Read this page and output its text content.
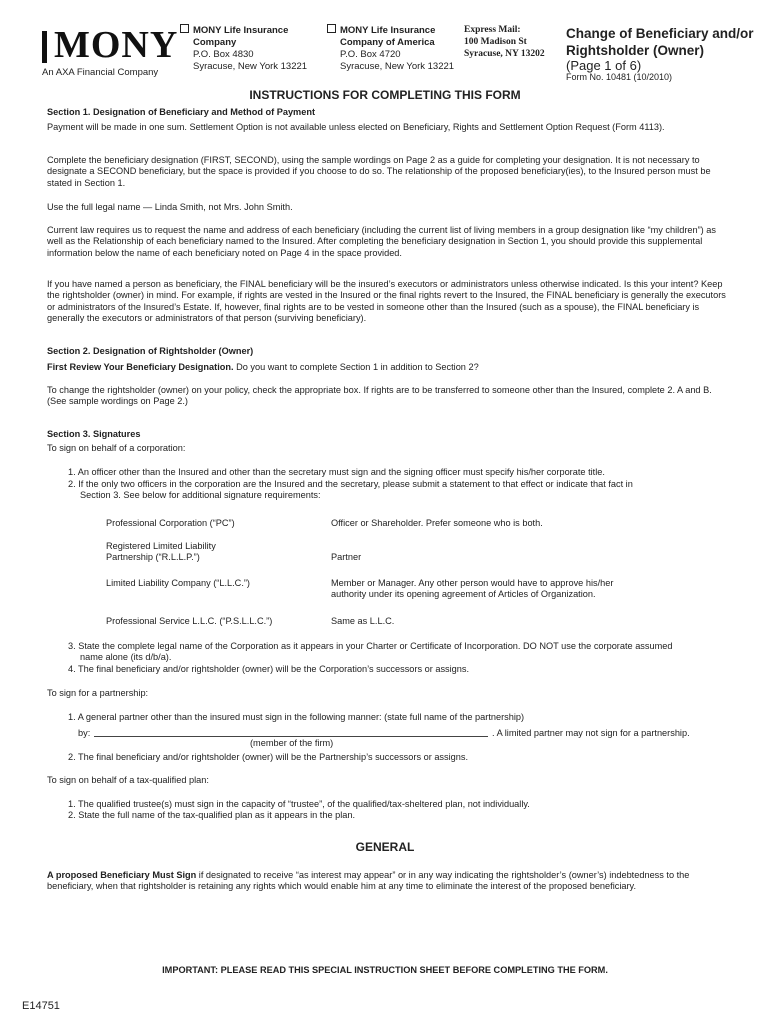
MONY
An AXA Financial Company
MONY Life Insurance
Company
P.O. Box 4830
Syracuse, New York 13221
MONY Life Insurance
Company of America
P.O. Box 4720
Syracuse, New York 13221
Express Mail:
100 Madison St
Syracuse, NY 13202
Change of Beneficiary and/or
Rightsholder (Owner)
(Page 1 of 6)
Form No. 10481 (10/2010)
INSTRUCTIONS FOR COMPLETING THIS FORM
Section 1. Designation of Beneficiary and Method of Payment

Payment will be made in one sum. Settlement Option is not available unless elected on Beneficiary, Rights and Settlement Option Request (Form 4113).

Complete the beneficiary designation (FIRST, SECOND), using the sample wordings on Page 2 as a guide for completing your designation. It is not necessary to designate a SECOND beneficiary, but the space is provided if you choose to do so. The relationship of the proposed beneficiary(ies), to the Insured person must be stated in Section 1.

Use the full legal name — Linda Smith, not Mrs. John Smith.

Current law requires us to request the name and address of each beneficiary (including the current list of living members in a group designation like “my children”) as well as the Relationship of each beneficiary named to the Insured. After completing the beneficiary designation in Section 1, you should provide this supplemental information below the name of each beneficiary noted on Page 4 in the space provided.

If you have named a person as beneficiary, the FINAL beneficiary will be the insured’s executors or administrators unless otherwise indicated. Is this your intent? Keep the rightsholder (owner) in mind. For example, if rights are vested in the Insured or the final rights revert to the Insured, the FINAL beneficiary is generally the executors or administrators of the Insured’s Estate. If, however, final rights are to be vested in someone other than the Insured (such as a spouse), the FINAL beneficiary is generally the executors or administrators of that person (surviving beneficiary).

Section 2. Designation of Rightsholder (Owner)

First Review Your Beneficiary Designation. Do you want to complete Section 1 in addition to Section 2?

To change the rightsholder (owner) on your policy, check the appropriate box. If rights are to be transferred to someone other than the Insured, complete 2. A and B. (See sample wordings on Page 2.)

Section 3. Signatures
To sign on behalf of a corporation:
1. An officer other than the Insured and other than the secretary must sign and the signing officer must specify his/her corporate title.
2. If the only two officers in the corporation are the Insured and the secretary, please submit a statement to that effect or indicate that fact in
Section 3. See below for additional signature requirements:
Professional Corporation (“PC”)	Officer or Shareholder. Prefer someone who is both.
Registered Limited Liability Partnership (“R.L.L.P.”)	Partner
Limited Liability Company (“L.L.C.”)	Member or Manager. Any other person would have to approve his/her authority under its opening agreement of Articles of Organization.
Professional Service L.L.C. (“P.S.L.L.C.”)	Same as L.L.C.
3. State the complete legal name of the Corporation as it appears in your Charter or Certificate of Incorporation. DO NOT use the corporate assumed
name alone (its d/b/a).
4. The final beneficiary and/or rightsholder (owner) will be the Corporation’s successors or assigns.
To sign for a partnership:
1. A general partner other than the insured must sign in the following manner: (state full name of the partnership)
by:	. A limited partner may not sign for a partnership.
(member of the firm)
2. The final beneficiary and/or rightsholder (owner) will be the Partnership’s successors or assigns.
To sign on behalf of a tax-qualified plan:
1. The qualified trustee(s) must sign in the capacity of “trustee”, of the qualified/tax-sheltered plan, not individually.
2. State the full name of the tax-qualified plan as it appears in the plan.
GENERAL

A proposed Beneficiary Must Sign if designated to receive “as interest may appear” or in any way indicating the rightsholder’s (owner’s) indebtedness to the beneficiary, when that rightsholder is retaining any rights which would enable him at any time to eliminate the interest of the proposed beneficiary.

IMPORTANT: PLEASE READ THIS SPECIAL INSTRUCTION SHEET BEFORE COMPLETING THE FORM.
E14751
